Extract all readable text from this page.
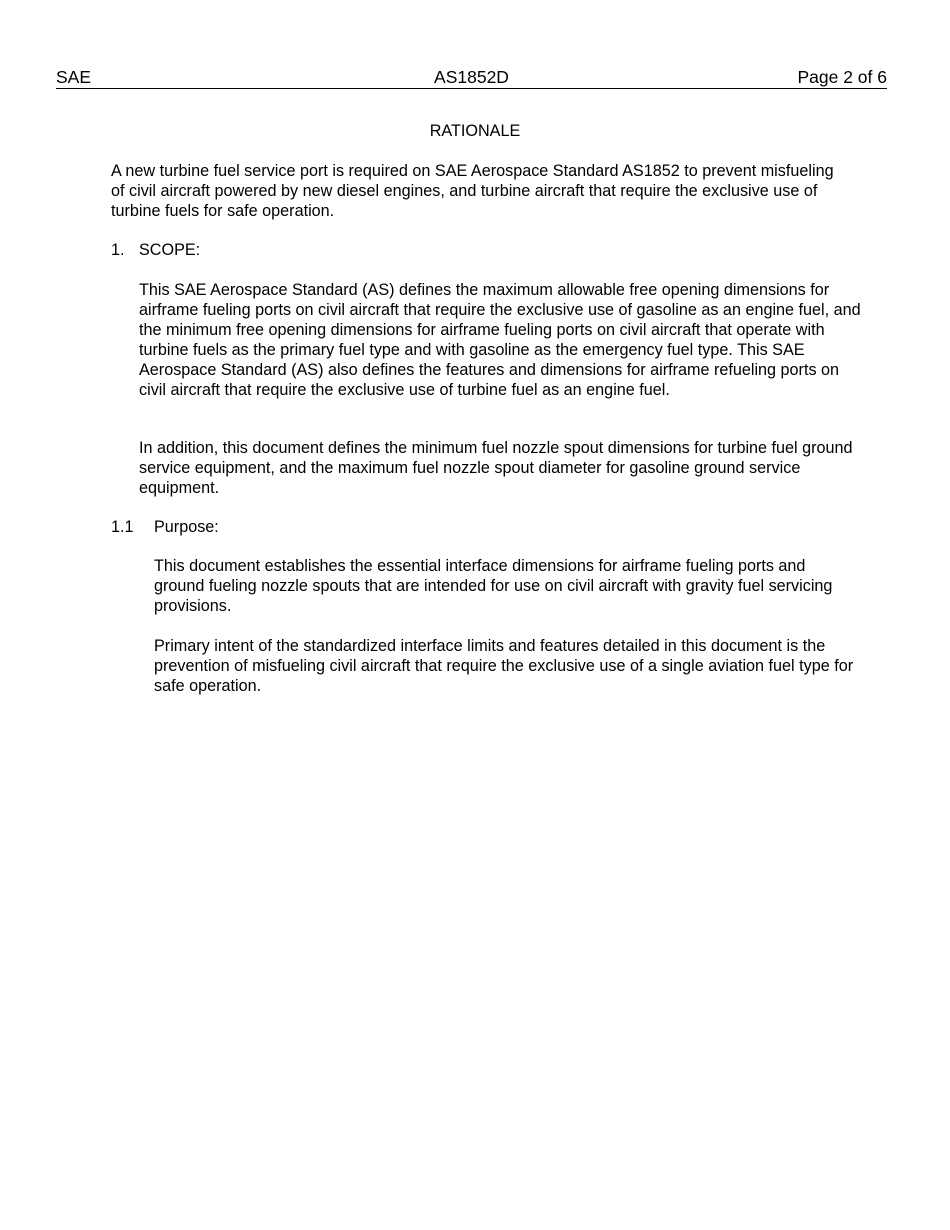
SAE	AS1852D	Page 2 of 6
RATIONALE

A new turbine fuel service port is required on SAE Aerospace Standard AS1852 to prevent misfueling of civil aircraft powered by new diesel engines, and turbine aircraft that require the exclusive use of turbine fuels for safe operation.

1. SCOPE:

This SAE Aerospace Standard (AS) defines the maximum allowable free opening dimensions for airframe fueling ports on civil aircraft that require the exclusive use of gasoline as an engine fuel, and the minimum free opening dimensions for airframe fueling ports on civil aircraft that operate with turbine fuels as the primary fuel type and with gasoline as the emergency fuel type. This SAE Aerospace Standard (AS) also defines the features and dimensions for airframe refueling ports on civil aircraft that require the exclusive use of turbine fuel as an engine fuel.

In addition, this document defines the minimum fuel nozzle spout dimensions for turbine fuel ground service equipment, and the maximum fuel nozzle spout diameter for gasoline ground service equipment.

1.1 Purpose:

This document establishes the essential interface dimensions for airframe fueling ports and ground fueling nozzle spouts that are intended for use on civil aircraft with gravity fuel servicing provisions.

Primary intent of the standardized interface limits and features detailed in this document is the prevention of misfueling civil aircraft that require the exclusive use of a single aviation fuel type for safe operation.
